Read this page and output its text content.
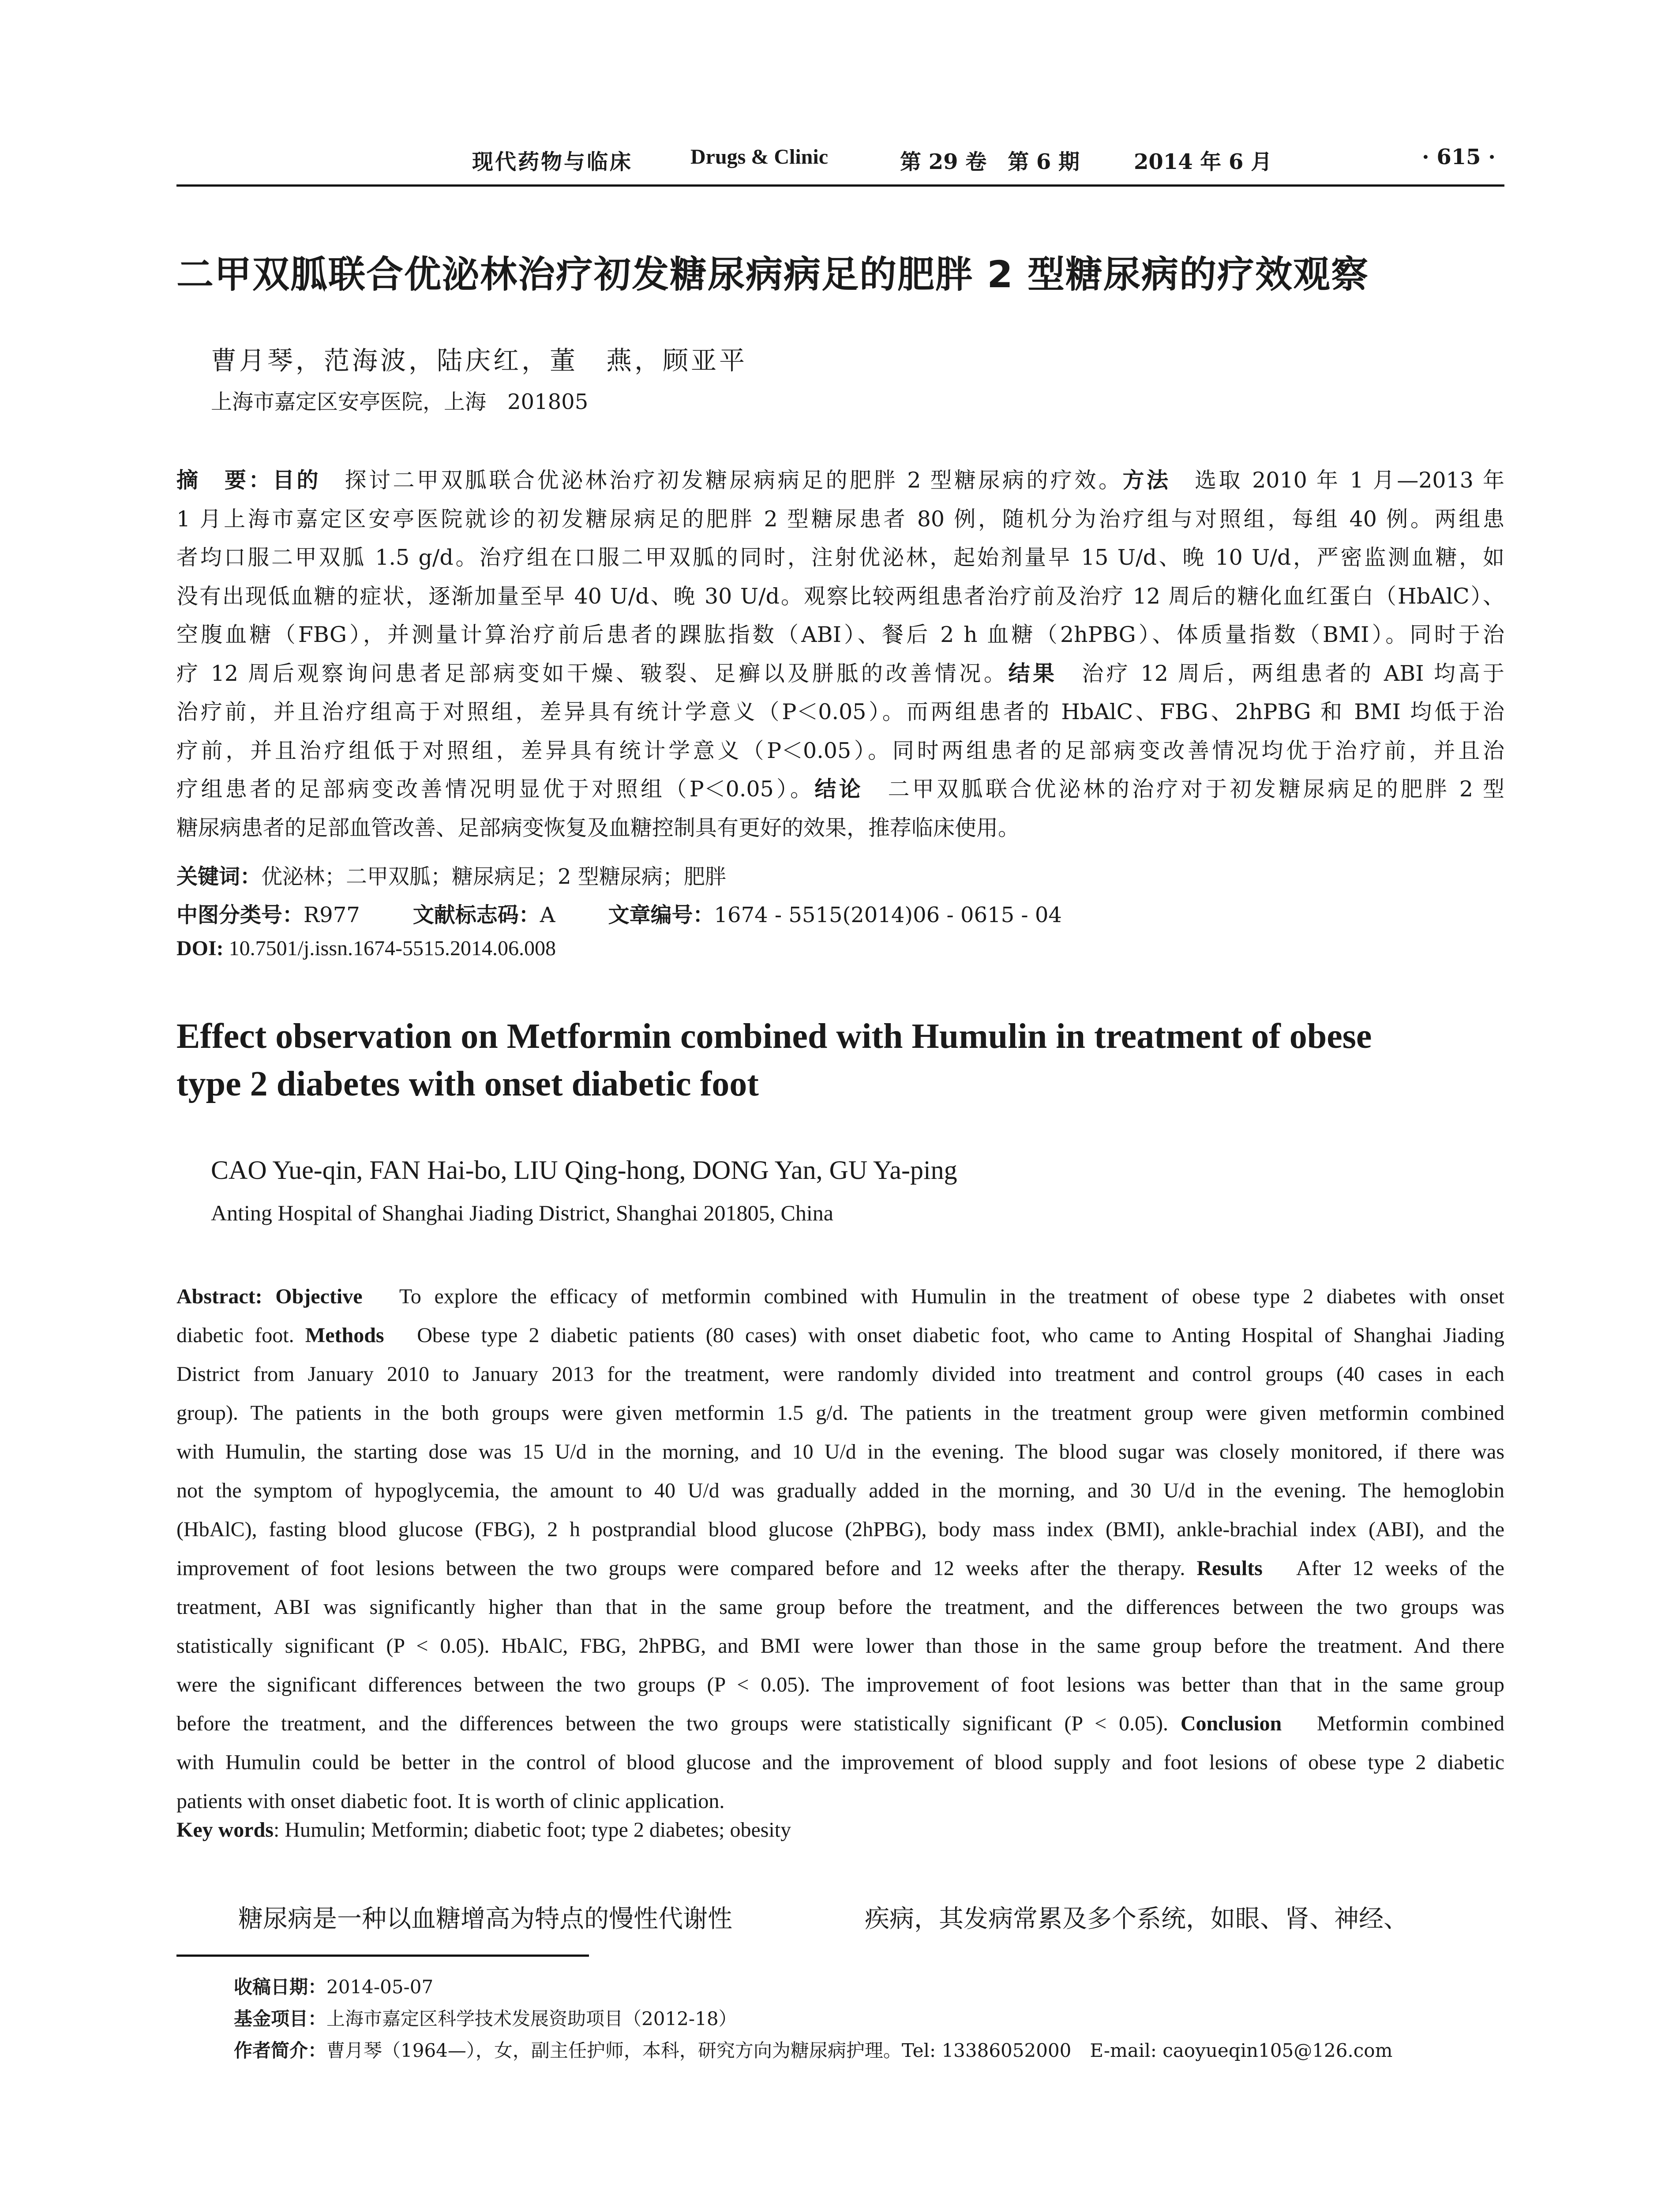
现代药物与临床	Drugs & Clinic	第 29 卷　第 6 期	2014 年 6 月	· 615 ·
二甲双胍联合优泌林治疗初发糖尿病病足的肥胖 2 型糖尿病的疗效观察
曹月琴，范海波，陆庆红，董　燕，顾亚平
上海市嘉定区安亭医院，上海　201805
摘　要：目的　探讨二甲双胍联合优泌林治疗初发糖尿病病足的肥胖 2 型糖尿病的疗效。方法　选取 2010 年 1 月—2013 年
1 月上海市嘉定区安亭医院就诊的初发糖尿病足的肥胖 2 型糖尿患者 80 例，随机分为治疗组与对照组，每组 40 例。两组患
者均口服二甲双胍 1.5 g/d。治疗组在口服二甲双胍的同时，注射优泌林，起始剂量早 15 U/d、晚 10 U/d，严密监测血糖，如
没有出现低血糖的症状，逐渐加量至早 40 U/d、晚 30 U/d。观察比较两组患者治疗前及治疗 12 周后的糖化血红蛋白（HbAlC）、
空腹血糖（FBG），并测量计算治疗前后患者的踝肱指数（ABI）、餐后 2 h 血糖（2hPBG）、体质量指数（BMI）。同时于治
疗 12 周后观察询问患者足部病变如干燥、皲裂、足癣以及胼胝的改善情况。结果　治疗 12 周后，两组患者的 ABI 均高于
治疗前，并且治疗组高于对照组，差异具有统计学意义（P＜0.05）。而两组患者的 HbAlC、FBG、2hPBG 和 BMI 均低于治
疗前，并且治疗组低于对照组，差异具有统计学意义（P＜0.05）。同时两组患者的足部病变改善情况均优于治疗前，并且治
疗组患者的足部病变改善情况明显优于对照组（P＜0.05）。结论　二甲双胍联合优泌林的治疗对于初发糖尿病足的肥胖 2 型
糖尿病患者的足部血管改善、足部病变恢复及血糖控制具有更好的效果，推荐临床使用。
关键词：优泌林；二甲双胍；糖尿病足；2 型糖尿病；肥胖
中图分类号：R977	文献标志码：A	文章编号：1674 - 5515(2014)06 - 0615 - 04
DOI: 10.7501/j.issn.1674-5515.2014.06.008
Effect observation on Metformin combined with Humulin in treatment of obese
type 2 diabetes with onset diabetic foot
CAO Yue-qin, FAN Hai-bo, LIU Qing-hong, DONG Yan, GU Ya-ping
Anting Hospital of Shanghai Jiading District, Shanghai 201805, China
Abstract: Objective　To explore the efficacy of metformin combined with Humulin in the treatment of obese type 2 diabetes with onset
diabetic foot. Methods　Obese type 2 diabetic patients (80 cases) with onset diabetic foot, who came to Anting Hospital of Shanghai Jiading
District from January 2010 to January 2013 for the treatment, were randomly divided into treatment and control groups (40 cases in each
group). The patients in the both groups were given metformin 1.5 g/d. The patients in the treatment group were given metformin combined
with Humulin, the starting dose was 15 U/d in the morning, and 10 U/d in the evening. The blood sugar was closely monitored, if there was
not the symptom of hypoglycemia, the amount to 40 U/d was gradually added in the morning, and 30 U/d in the evening. The hemoglobin
(HbAlC), fasting blood glucose (FBG), 2 h postprandial blood glucose (2hPBG), body mass index (BMI), ankle-brachial index (ABI), and the
improvement of foot lesions between the two groups were compared before and 12 weeks after the therapy. Results　After 12 weeks of the
treatment, ABI was significantly higher than that in the same group before the treatment, and the differences between the two groups was
statistically significant (P < 0.05). HbAlC, FBG, 2hPBG, and BMI were lower than those in the same group before the treatment. And there
were the significant differences between the two groups (P < 0.05). The improvement of foot lesions was better than that in the same group
before the treatment, and the differences between the two groups were statistically significant (P < 0.05). Conclusion　Metformin combined
with Humulin could be better in the control of blood glucose and the improvement of blood supply and foot lesions of obese type 2 diabetic
patients with onset diabetic foot. It is worth of clinic application.
Key words: Humulin; Metformin; diabetic foot; type 2 diabetes; obesity
糖尿病是一种以血糖增高为特点的慢性代谢性	疾病，其发病常累及多个系统，如眼、肾、神经、
收稿日期：2014-05-07
基金项目：上海市嘉定区科学技术发展资助项目（2012-18）
作者简介：曹月琴（1964—），女，副主任护师，本科，研究方向为糖尿病护理。Tel: 13386052000　E-mail: caoyueqin105@126.com
